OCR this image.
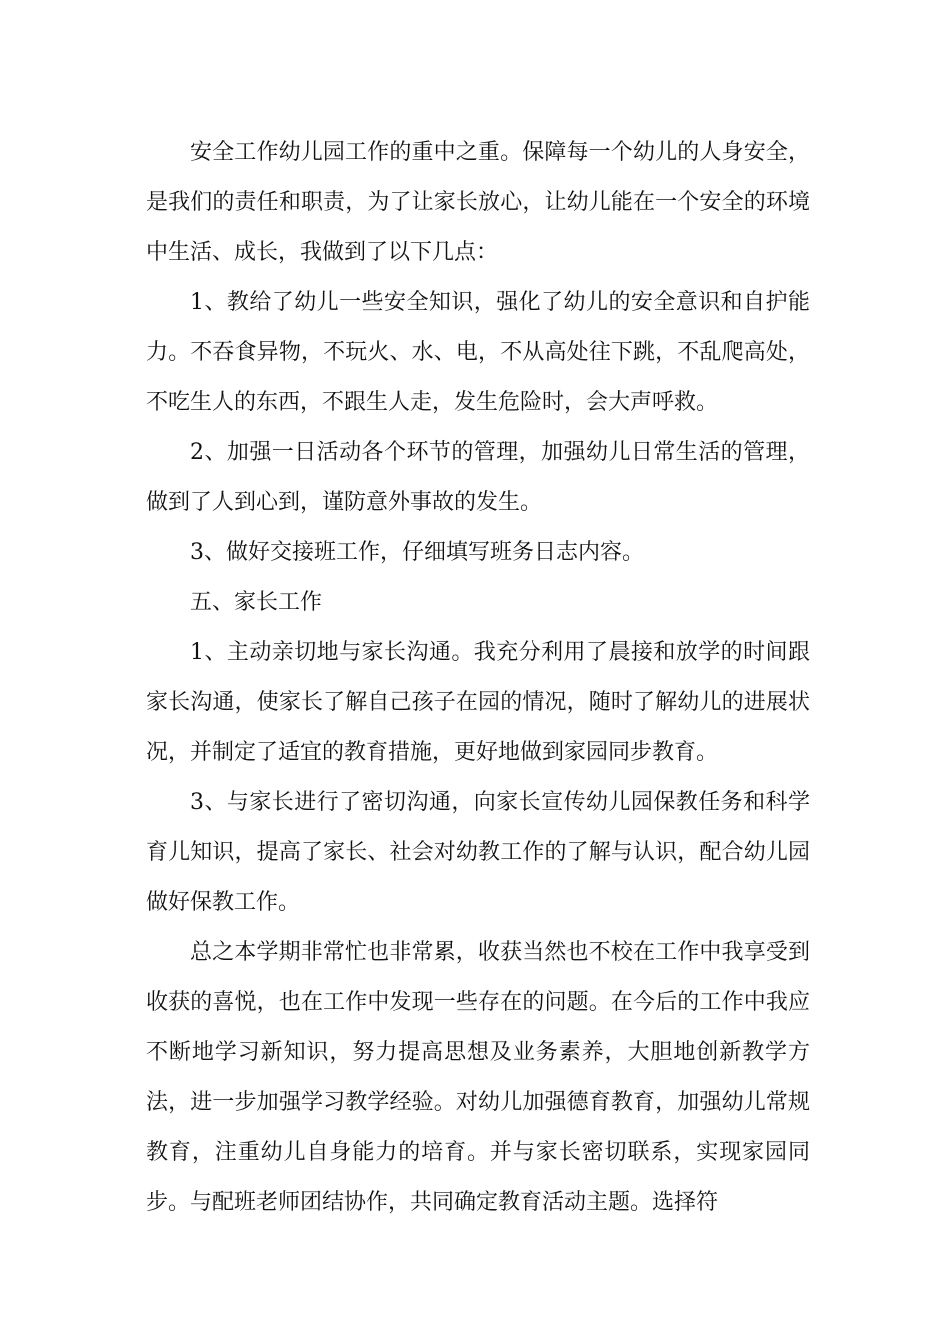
安全工作幼儿园工作的重中之重。保障每一个幼儿的人身安全，是我们的责任和职责，为了让家长放心，让幼儿能在一个安全的环境中生活、成长，我做到了以下几点：

1、教给了幼儿一些安全知识，强化了幼儿的安全意识和自护能力。不吞食异物，不玩火、水、电，不从高处往下跳，不乱爬高处，不吃生人的东西，不跟生人走，发生危险时，会大声呼救。

2、加强一日活动各个环节的管理，加强幼儿日常生活的管理，做到了人到心到，谨防意外事故的发生。

3、做好交接班工作，仔细填写班务日志内容。

五、家长工作

1、主动亲切地与家长沟通。我充分利用了晨接和放学的时间跟家长沟通，使家长了解自己孩子在园的情况，随时了解幼儿的进展状况，并制定了适宜的教育措施，更好地做到家园同步教育。

3、与家长进行了密切沟通，向家长宣传幼儿园保教任务和科学育儿知识，提高了家长、社会对幼教工作的了解与认识，配合幼儿园做好保教工作。

总之本学期非常忙也非常累，收获当然也不校在工作中我享受到收获的喜悦，也在工作中发现一些存在的问题。在今后的工作中我应不断地学习新知识，努力提高思想及业务素养，大胆地创新教学方法，进一步加强学习教学经验。对幼儿加强德育教育，加强幼儿常规教育，注重幼儿自身能力的培育。并与家长密切联系，实现家园同步。与配班老师团结协作，共同确定教育活动主题。选择符
